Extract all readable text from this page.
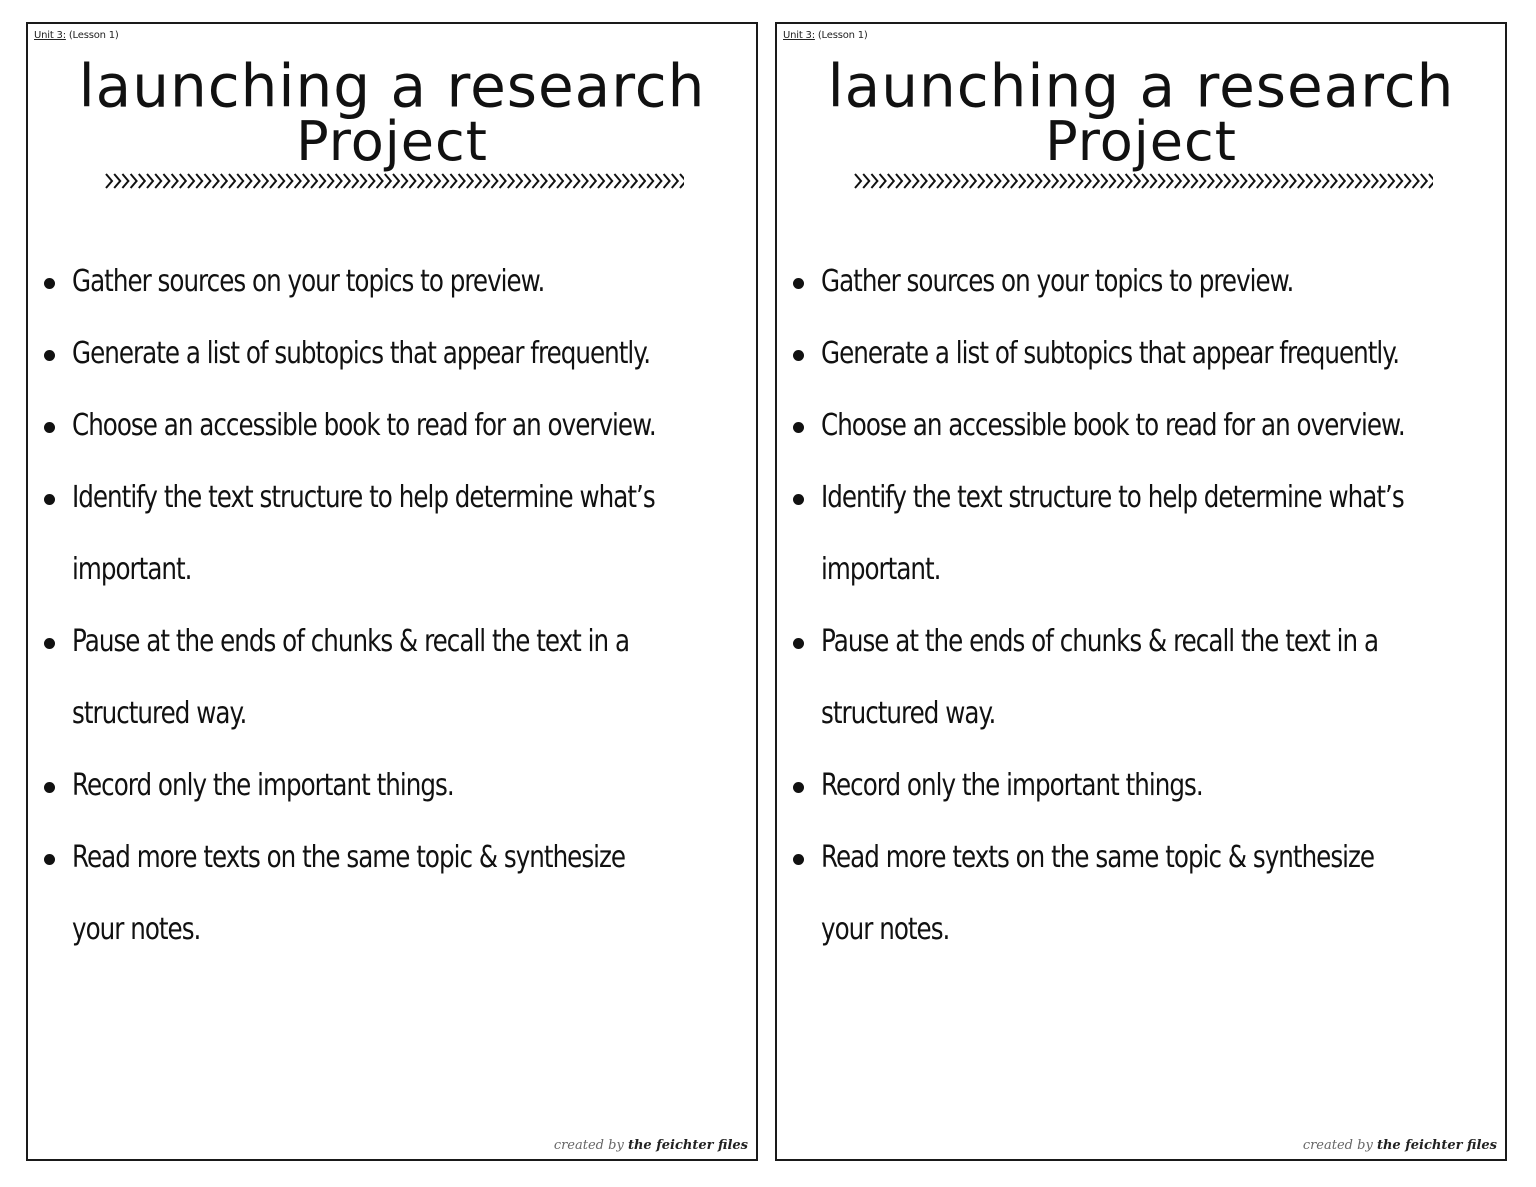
Unit 3: (Lesson 1)
launching a research
Project
Gather sources on your topics to preview.
Generate a list of subtopics that appear frequently.
Choose an accessible book to read for an overview.
Identify the text structure to help determine what’s
important.
Pause at the ends of chunks & recall the text in a
structured way.
Record only the important things.
Read more texts on the same topic & synthesize
your notes.
created by the feichter files
Unit 3: (Lesson 1)
launching a research
Project
Gather sources on your topics to preview.
Generate a list of subtopics that appear frequently.
Choose an accessible book to read for an overview.
Identify the text structure to help determine what’s
important.
Pause at the ends of chunks & recall the text in a
structured way.
Record only the important things.
Read more texts on the same topic & synthesize
your notes.
created by the feichter files
